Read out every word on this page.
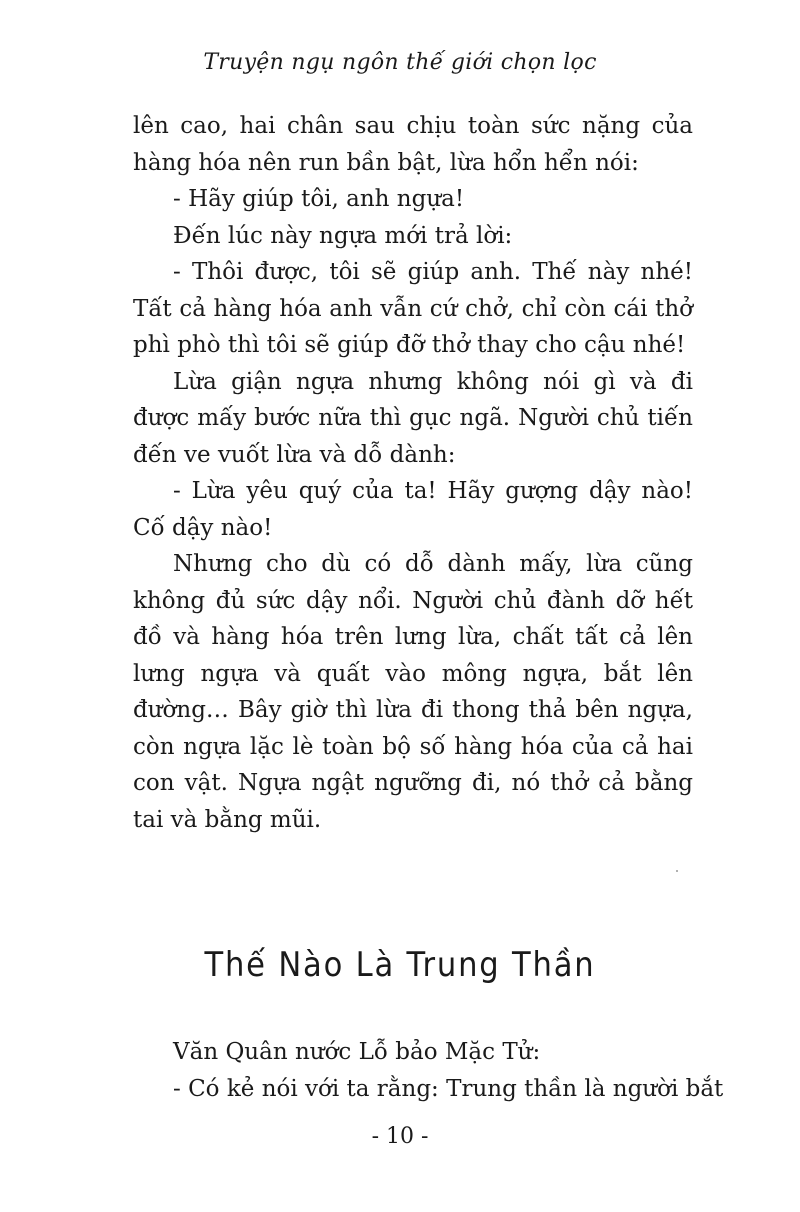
Truyện ngụ ngôn thế giới chọn lọc

lên cao, hai chân sau chịu toàn sức nặng của hàng hóa nên run bần bật, lừa hổn hển nói:

- Hãy giúp tôi, anh ngựa!

Đến lúc này ngựa mới trả lời:

- Thôi được, tôi sẽ giúp anh. Thế này nhé! Tất cả hàng hóa anh vẫn cứ chở, chỉ còn cái thở phì phò thì tôi sẽ giúp đỡ thở thay cho cậu nhé!

Lừa giận ngựa nhưng không nói gì và đi được mấy bước nữa thì gục ngã. Người chủ tiến đến ve vuốt lừa và dỗ dành:

- Lừa yêu quý của ta! Hãy gượng dậy nào! Cố dậy nào!

Nhưng cho dù có dỗ dành mấy, lừa cũng không đủ sức dậy nổi. Người chủ đành dỡ hết đồ và hàng hóa trên lưng lừa, chất tất cả lên lưng ngựa và quất vào mông ngựa, bắt lên đường… Bây giờ thì lừa đi thong thả bên ngựa, còn ngựa lặc lè toàn bộ số hàng hóa của cả hai con vật. Ngựa ngật ngưỡng đi, nó thở cả bằng tai và bằng mũi.

Thế Nào Là Trung Thần

Văn Quân nước Lỗ bảo Mặc Tử:

- Có kẻ nói với ta rằng: Trung thần là người bắt

- 10 -
